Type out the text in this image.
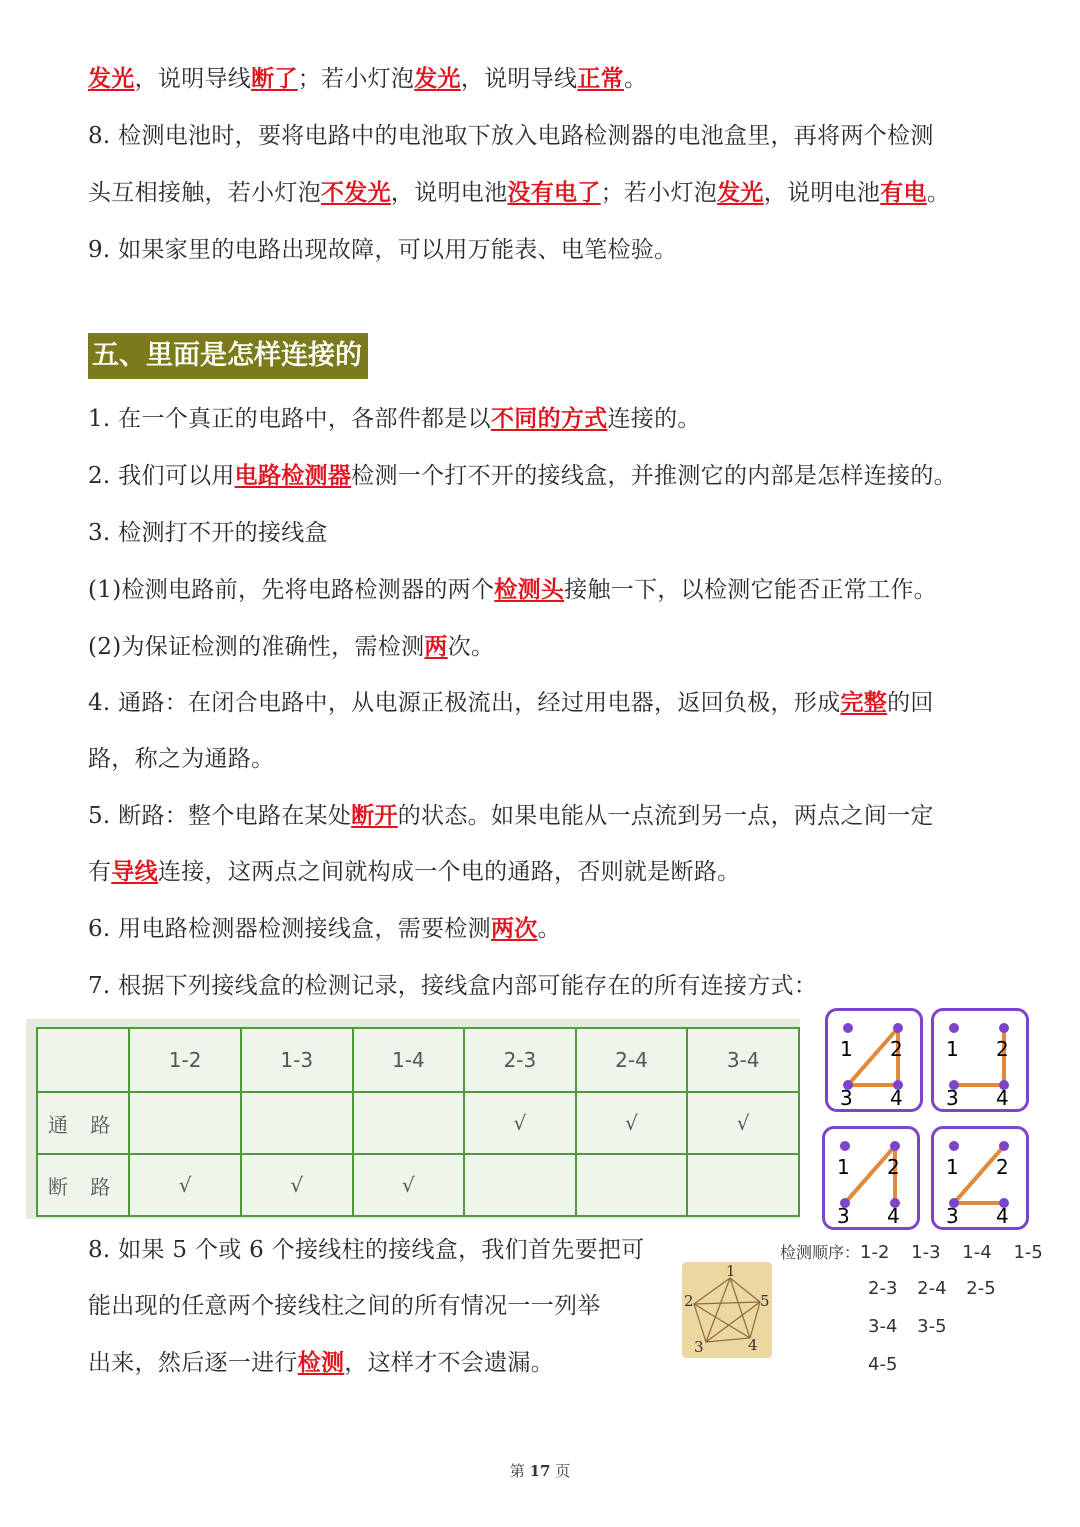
发光，说明导线断了；若小灯泡发光，说明导线正常。
8. 检测电池时，要将电路中的电池取下放入电路检测器的电池盒里，再将两个检测
头互相接触，若小灯泡不发光，说明电池没有电了；若小灯泡发光，说明电池有电。
9. 如果家里的电路出现故障，可以用万能表、电笔检验。
五、里面是怎样连接的
1. 在一个真正的电路中，各部件都是以不同的方式连接的。
2. 我们可以用电路检测器检测一个打不开的接线盒，并推测它的内部是怎样连接的。
3. 检测打不开的接线盒
(1)检测电路前，先将电路检测器的两个检测头接触一下，以检测它能否正常工作。
(2)为保证检测的准确性，需检测两次。
4. 通路：在闭合电路中，从电源正极流出，经过用电器，返回负极，形成完整的回
路，称之为通路。
5. 断路：整个电路在某处断开的状态。如果电能从一点流到另一点，两点之间一定
有导线连接，这两点之间就构成一个电的通路，否则就是断路。
6. 用电路检测器检测接线盒，需要检测两次。
7. 根据下列接线盒的检测记录，接线盒内部可能存在的所有连接方式：
	1-2	1-3	1-4	2-3	2-4	3-4
通 路				√	√	√
断 路	√	√	√			
1 2
3 4
1 2
3 4
1 2
3 4
1 2
3 4
8. 如果 5 个或 6 个接线柱的接线盒，我们首先要把可
能出现的任意两个接线柱之间的所有情况一一列举
出来，然后逐一进行检测，这样才不会遗漏。
1
2
3	4
5
检测顺序：1-2 1-3 1-4 1-5
2-3 2-4 2-5
3-4 3-5
4-5
第 17 页
